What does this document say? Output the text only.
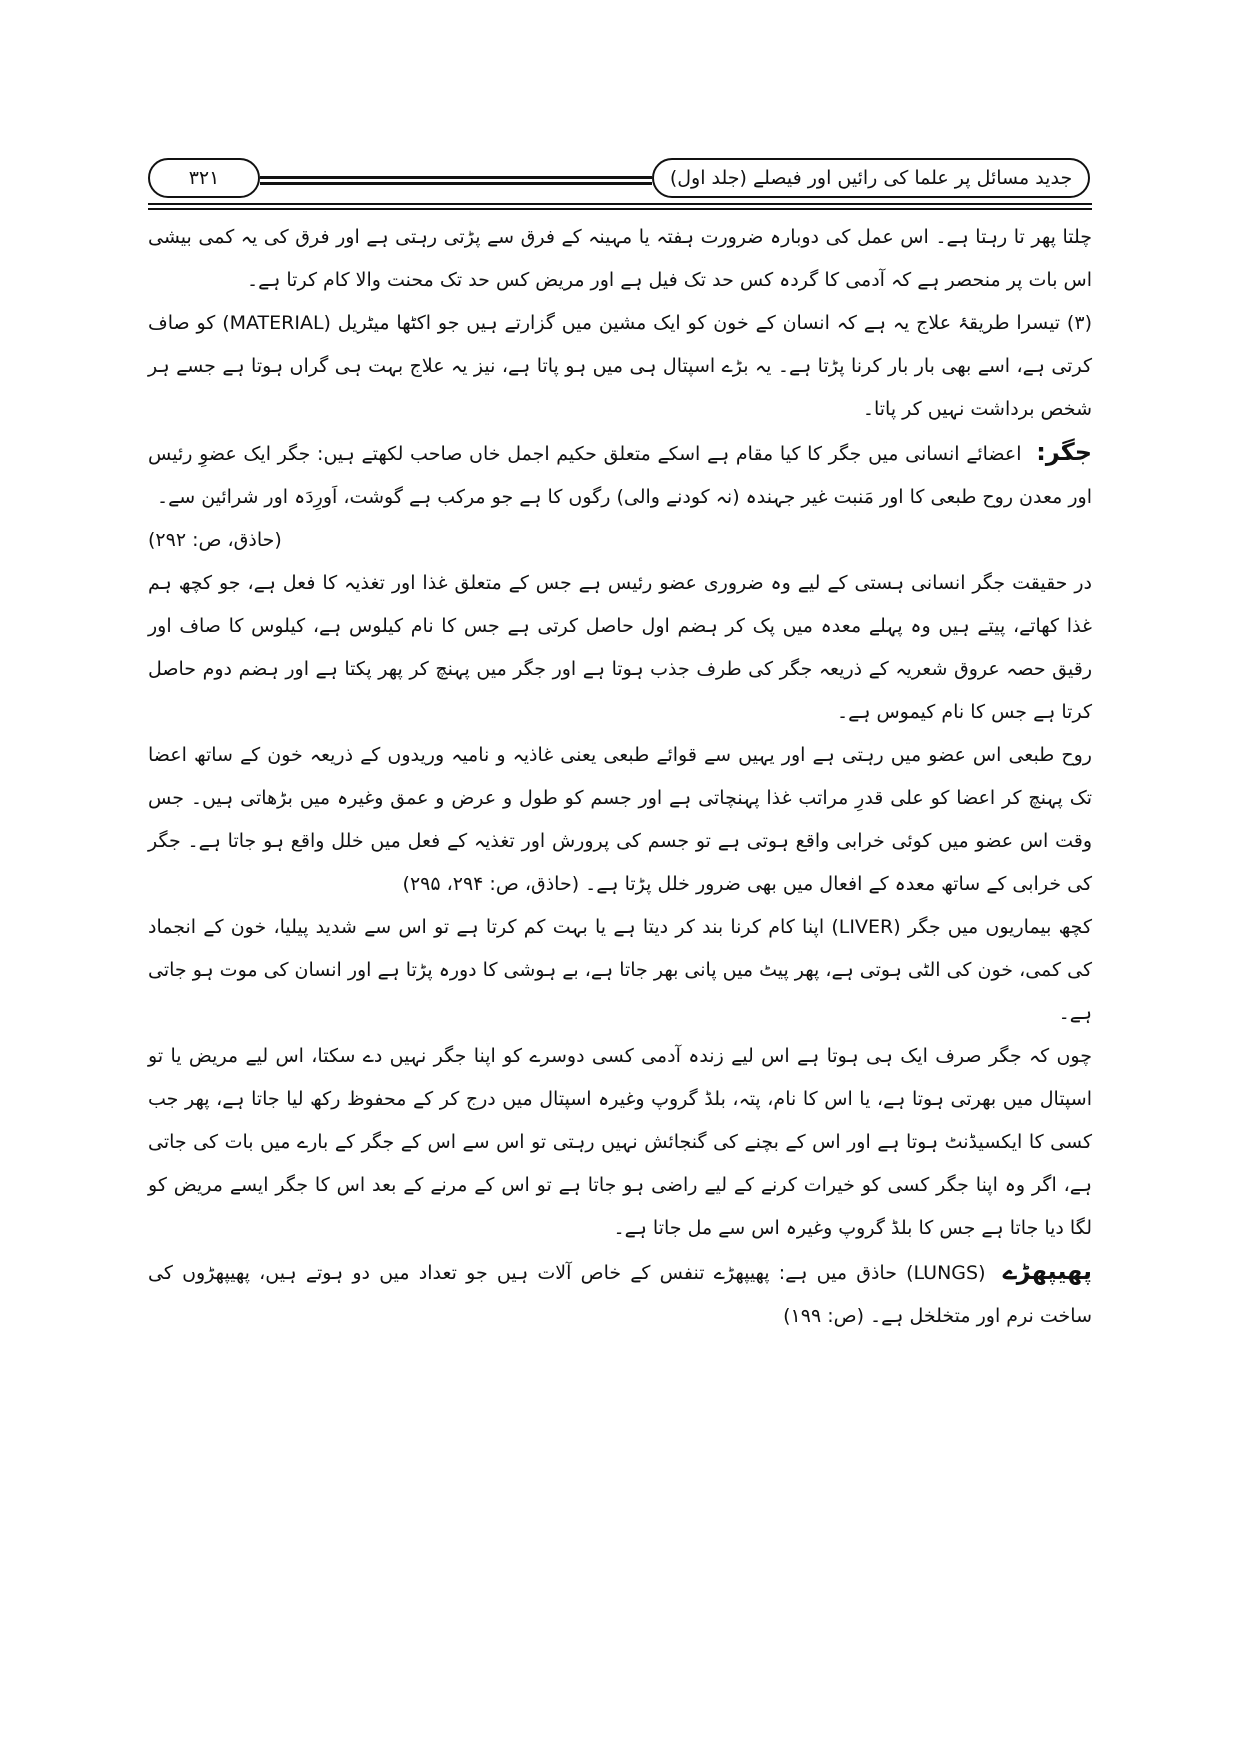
جدید مسائل پر علما کی رائیں اور فیصلے (جلد اول)
۳۲۱

چلتا پھر تا رہتا ہے۔ اس عمل کی دوبارہ ضرورت ہفتہ یا مہینہ کے فرق سے پڑتی رہتی ہے اور فرق کی یہ کمی بیشی اس بات پر منحصر ہے کہ آدمی کا گردہ کس حد تک فیل ہے اور مریض کس حد تک محنت والا کام کرتا ہے۔

(۳) تیسرا طریقۂ علاج یہ ہے کہ انسان کے خون کو ایک مشین میں گزارتے ہیں جو اکٹھا میٹریل (MATERIAL) کو صاف کرتی ہے، اسے بھی بار بار کرنا پڑتا ہے۔ یہ بڑے اسپتال ہی میں ہو پاتا ہے، نیز یہ علاج بہت ہی گراں ہوتا ہے جسے ہر شخص برداشت نہیں کر پاتا۔

جگر: اعضائے انسانی میں جگر کا کیا مقام ہے اسکے متعلق حکیم اجمل خاں صاحب لکھتے ہیں: جگر ایک عضوِ رئیس اور معدن روح طبعی کا اور مَنبت غیر جہندہ (نہ کودنے والی) رگوں کا ہے جو مرکب ہے گوشت، اَورِدَہ اور شرائین سے۔

(حاذق، ص: ۲۹۲)

در حقیقت جگر انسانی ہستی کے لیے وہ ضروری عضو رئیس ہے جس کے متعلق غذا اور تغذیہ کا فعل ہے، جو کچھ ہم غذا کھاتے، پیتے ہیں وہ پہلے معدہ میں پک کر ہضم اول حاصل کرتی ہے جس کا نام کیلوس ہے، کیلوس کا صاف اور رقیق حصہ عروق شعریہ کے ذریعہ جگر کی طرف جذب ہوتا ہے اور جگر میں پہنچ کر پھر پکتا ہے اور ہضم دوم حاصل کرتا ہے جس کا نام کیموس ہے۔

روح طبعی اس عضو میں رہتی ہے اور یہیں سے قوائے طبعی یعنی غاذیہ و نامیہ وریدوں کے ذریعہ خون کے ساتھ اعضا تک پہنچ کر اعضا کو علی قدرِ مراتب غذا پہنچاتی ہے اور جسم کو طول و عرض و عمق وغیرہ میں بڑھاتی ہیں۔ جس وقت اس عضو میں کوئی خرابی واقع ہوتی ہے تو جسم کی پرورش اور تغذیہ کے فعل میں خلل واقع ہو جاتا ہے۔ جگر کی خرابی کے ساتھ معدہ کے افعال میں بھی ضرور خلل پڑتا ہے۔ (حاذق، ص: ۲۹۴، ۲۹۵)

کچھ بیماریوں میں جگر (LIVER) اپنا کام کرنا بند کر دیتا ہے یا بہت کم کرتا ہے تو اس سے شدید پیلیا، خون کے انجماد کی کمی، خون کی الٹی ہوتی ہے، پھر پیٹ میں پانی بھر جاتا ہے، بے ہوشی کا دورہ پڑتا ہے اور انسان کی موت ہو جاتی ہے۔

چوں کہ جگر صرف ایک ہی ہوتا ہے اس لیے زندہ آدمی کسی دوسرے کو اپنا جگر نہیں دے سکتا، اس لیے مریض یا تو اسپتال میں بھرتی ہوتا ہے، یا اس کا نام، پتہ، بلڈ گروپ وغیرہ اسپتال میں درج کر کے محفوظ رکھ لیا جاتا ہے، پھر جب کسی کا ایکسیڈنٹ ہوتا ہے اور اس کے بچنے کی گنجائش نہیں رہتی تو اس سے اس کے جگر کے بارے میں بات کی جاتی ہے، اگر وہ اپنا جگر کسی کو خیرات کرنے کے لیے راضی ہو جاتا ہے تو اس کے مرنے کے بعد اس کا جگر ایسے مریض کو لگا دیا جاتا ہے جس کا بلڈ گروپ وغیرہ اس سے مل جاتا ہے۔

پھیپھڑے (LUNGS) حاذق میں ہے: پھیپھڑے تنفس کے خاص آلات ہیں جو تعداد میں دو ہوتے ہیں، پھیپھڑوں کی ساخت نرم اور متخلخل ہے۔ (ص: ۱۹۹)
